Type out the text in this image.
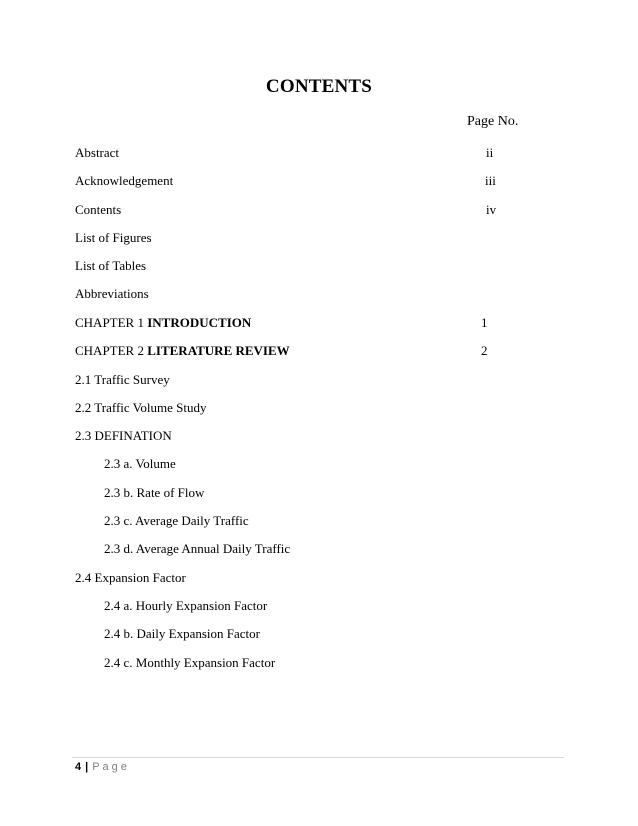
CONTENTS
Page No.
Abstract	ii
Acknowledgement	iii
Contents	iv
List of Figures
List of Tables
Abbreviations
CHAPTER 1 INTRODUCTION	1
CHAPTER 2 LITERATURE REVIEW	2
2.1 Traffic Survey
2.2 Traffic Volume Study
2.3 DEFINATION
2.3 a. Volume
2.3 b. Rate of Flow
2.3 c. Average Daily Traffic
2.3 d. Average Annual Daily Traffic
2.4 Expansion Factor
2.4 a. Hourly Expansion Factor
2.4 b. Daily Expansion Factor
2.4 c. Monthly Expansion Factor
4 | Page
